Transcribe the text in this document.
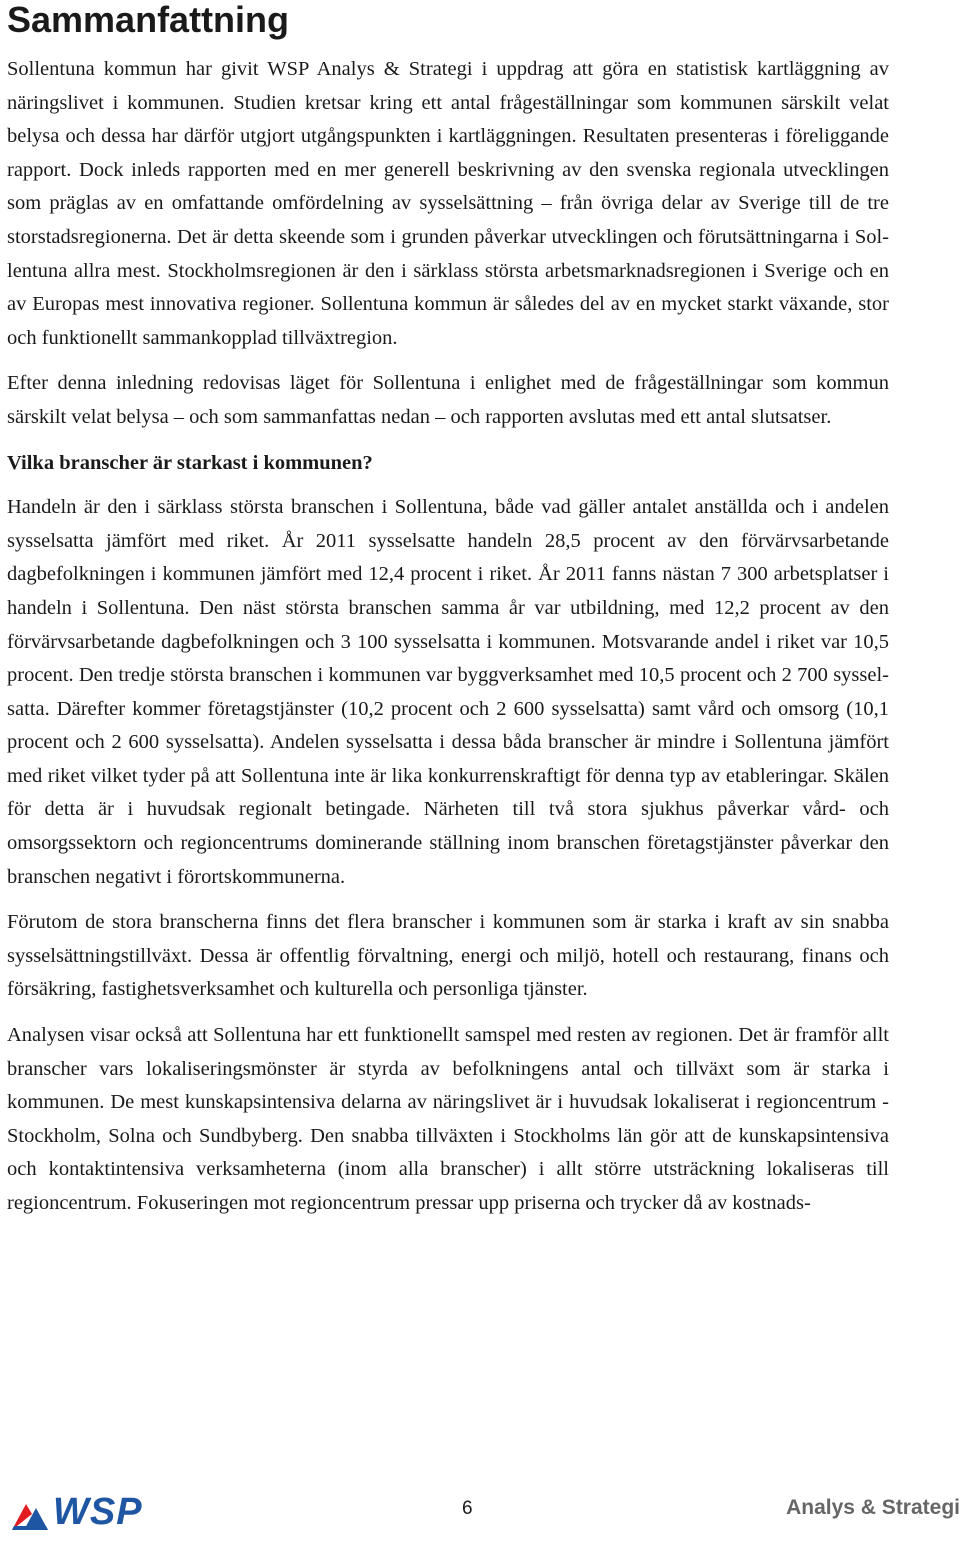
Sammanfattning

Sollentuna kommun har givit WSP Analys & Strategi i uppdrag att göra en statistisk kartläggning av näringslivet i kommunen. Studien kretsar kring ett antal frågeställningar som kommunen särskilt velat belysa och dessa har därför utgjort utgångspunkten i kartläggningen. Resultaten presenteras i föreliggande rapport. Dock inleds rapporten med en mer generell beskrivning av den svenska regionala utvecklingen som präglas av en omfattande omfördelning av sysselsättning – från övriga delar av Sverige till de tre storstadsregionerna. Det är detta skeende som i grunden påverkar utvecklingen och förutsättningarna i Sollentuna allra mest. Stockholmsregionen är den i särklass största arbetsmarknadsregionen i Sverige och en av Europas mest innovativa regioner. Sollentuna kommun är således del av en mycket starkt växande, stor och funktionellt sammankopplad tillväxtregion.

Efter denna inledning redovisas läget för Sollentuna i enlighet med de frågeställningar som kommun särskilt velat belysa – och som sammanfattas nedan – och rapporten avslutas med ett antal slutsatser.

Vilka branscher är starkast i kommunen?

Handeln är den i särklass största branschen i Sollentuna, både vad gäller antalet anställda och i andelen sysselsatta jämfört med riket. År 2011 sysselsatte handeln 28,5 procent av den förvärvsarbetande dagbefolkningen i kommunen jämfört med 12,4 procent i riket. År 2011 fanns nästan 7 300 arbetsplatser i handeln i Sollentuna. Den näst största branschen samma år var utbildning, med 12,2 procent av den förvärvsarbetande dagbefolkningen och 3 100 sysselsatta i kommunen. Motsvarande andel i riket var 10,5 procent. Den tredje största branschen i kommunen var byggverksamhet med 10,5 procent och 2 700 sysselsatta. Därefter kommer företagstjänster (10,2 procent och 2 600 sysselsatta) samt vård och omsorg (10,1 procent och 2 600 sysselsatta). Andelen sysselsatta i dessa båda branscher är mindre i Sollentuna jämfört med riket vilket tyder på att Sollentuna inte är lika konkurrenskraftigt för denna typ av etableringar. Skälen för detta är i huvudsak regionalt betingade. Närheten till två stora sjukhus påverkar vård- och omsorgssektorn och regioncentrums dominerande ställning inom branschen företagstjänster påverkar den branschen negativt i förortskommunerna.

Förutom de stora branscherna finns det flera branscher i kommunen som är starka i kraft av sin snabba sysselsättningstillväxt. Dessa är offentlig förvaltning, energi och miljö, hotell och restaurang, finans och försäkring, fastighetsverksamhet och kulturella och personliga tjänster.

Analysen visar också att Sollentuna har ett funktionellt samspel med resten av regionen. Det är framför allt branscher vars lokaliseringsmönster är styrda av befolkningens antal och tillväxt som är starka i kommunen. De mest kunskapsintensiva delarna av näringslivet är i huvudsak lokaliserat i regioncentrum - Stockholm, Solna och Sundbyberg. Den snabba tillväxten i Stockholms län gör att de kunskapsintensiva och kontaktintensiva verksamheterna (inom alla branscher) i allt större utsträckning lokaliseras till regioncentrum. Fokuseringen mot regioncentrum pressar upp priserna och trycker då av kostnads-

WSP	6	Analys & Strategi
